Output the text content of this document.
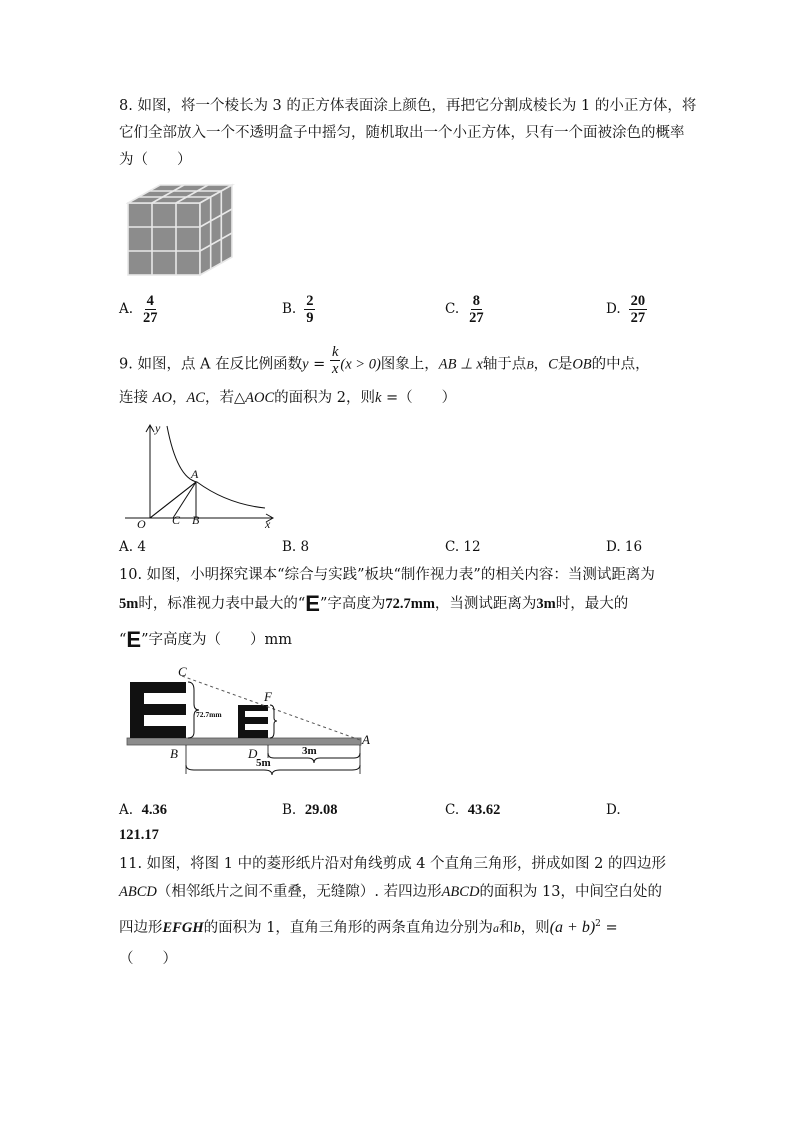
8. 如图，将一个棱长为 3 的正方体表面涂上颜色，再把它分割成棱长为 1 的小正方体，将
它们全部放入一个不透明盒子中摇匀，随机取出一个小正方体，只有一个面被涂色的概率
为（　　）
A. $\frac{4}{27}$	B. $\frac{2}{9}$	C. $\frac{8}{27}$	D. $\frac{20}{27}$
9. 如图，点 A 在反比例函数$y = \frac{k}{x} (x > 0)$图象上，AB ⊥ x轴于点B，C是OB的中点，
连接 AO，AC，若△AOC的面积为 2，则k =（　　）
y
x
O
A
C B
A. 4	B. 8	C. 12	D. 16
10. 如图，小明探究课本“综合与实践”板块“制作视力表”的相关内容：当测试距离为
5m时，标准视力表中最大的“E”字高度为72.7mm，当测试距离为3m时，最大的
“E”字高度为（　　）mm
C
F
A
B	D
72.7mm
3m
5m
A. 4.36	B. 29.08	C. 43.62	D.
121.17
11. 如图，将图 1 中的菱形纸片沿对角线剪成 4 个直角三角形，拼成如图 2 的四边形
ABCD（相邻纸片之间不重叠，无缝隙）. 若四边形ABCD的面积为 13，中间空白处的
四边形EFGH的面积为 1，直角三角形的两条直角边分别为a和b，则$(a + b)^2$ =
（　　）
